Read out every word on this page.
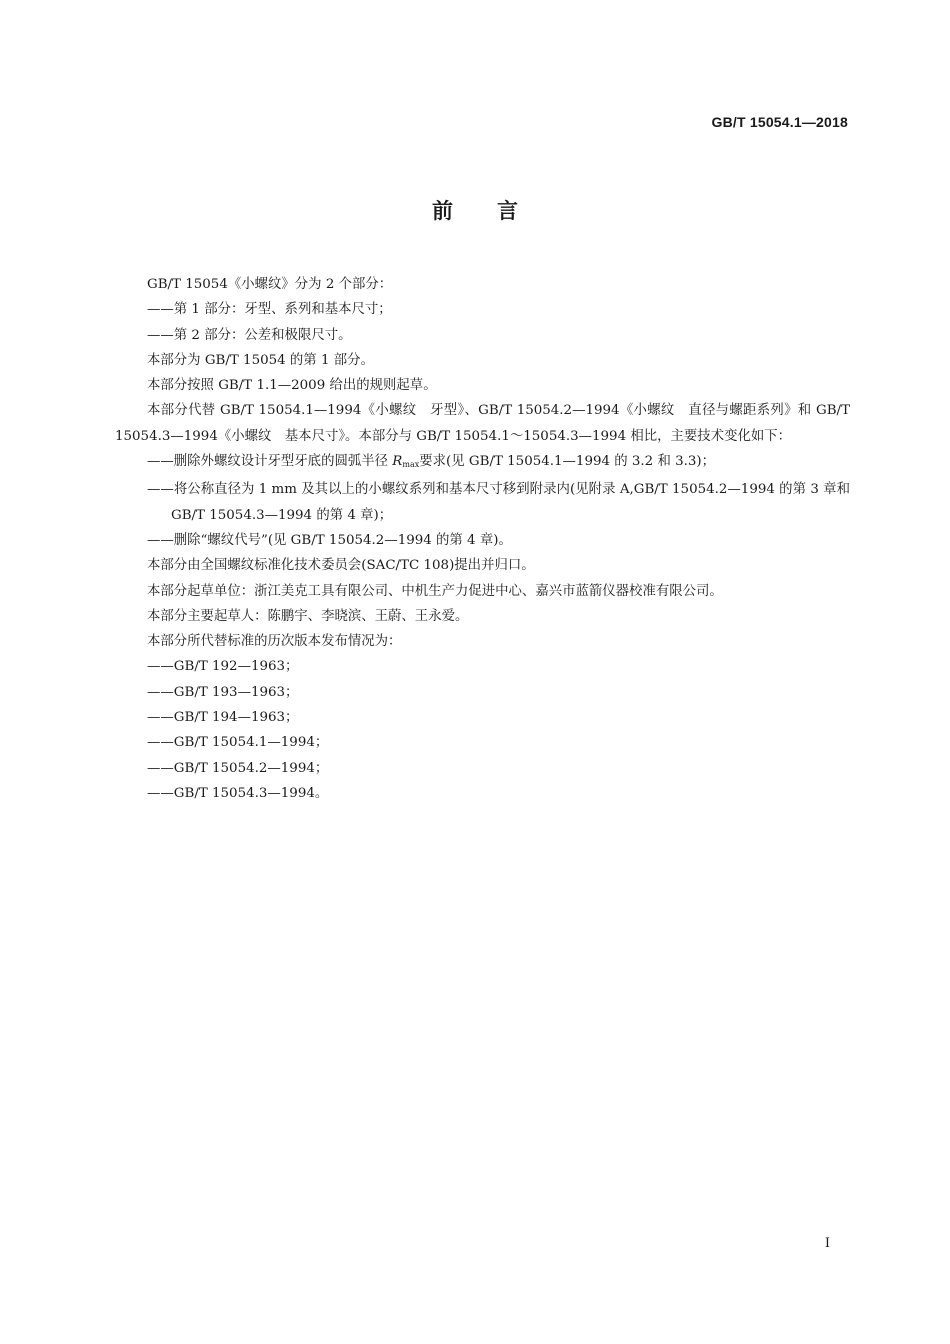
GB/T 15054.1—2018
前 言
GB/T 15054《小螺纹》分为 2 个部分：
——第 1 部分：牙型、系列和基本尺寸；
——第 2 部分：公差和极限尺寸。
本部分为 GB/T 15054 的第 1 部分。
本部分按照 GB/T 1.1—2009 给出的规则起草。
本部分代替 GB/T 15054.1—1994《小螺纹　牙型》、GB/T 15054.2—1994《小螺纹　直径与螺距系列》和 GB/T 15054.3—1994《小螺纹　基本尺寸》。本部分与 GB/T 15054.1～15054.3—1994 相比，主要技术变化如下：
——删除外螺纹设计牙型牙底的圆弧半径 $R_{max}$要求(见 GB/T 15054.1—1994 的 3.2 和 3.3)；
——将公称直径为 1 mm 及其以上的小螺纹系列和基本尺寸移到附录内(见附录 A,GB/T 15054.2—1994 的第 3 章和 GB/T 15054.3—1994 的第 4 章)；
——删除“螺纹代号”(见 GB/T 15054.2—1994 的第 4 章)。
本部分由全国螺纹标准化技术委员会(SAC/TC 108)提出并归口。
本部分起草单位：浙江美克工具有限公司、中机生产力促进中心、嘉兴市蓝箭仪器校准有限公司。
本部分主要起草人：陈鹏宇、李晓滨、王蔚、王永爱。
本部分所代替标准的历次版本发布情况为：
——GB/T 192—1963；
——GB/T 193—1963；
——GB/T 194—1963；
——GB/T 15054.1—1994；
——GB/T 15054.2—1994；
——GB/T 15054.3—1994。
I
